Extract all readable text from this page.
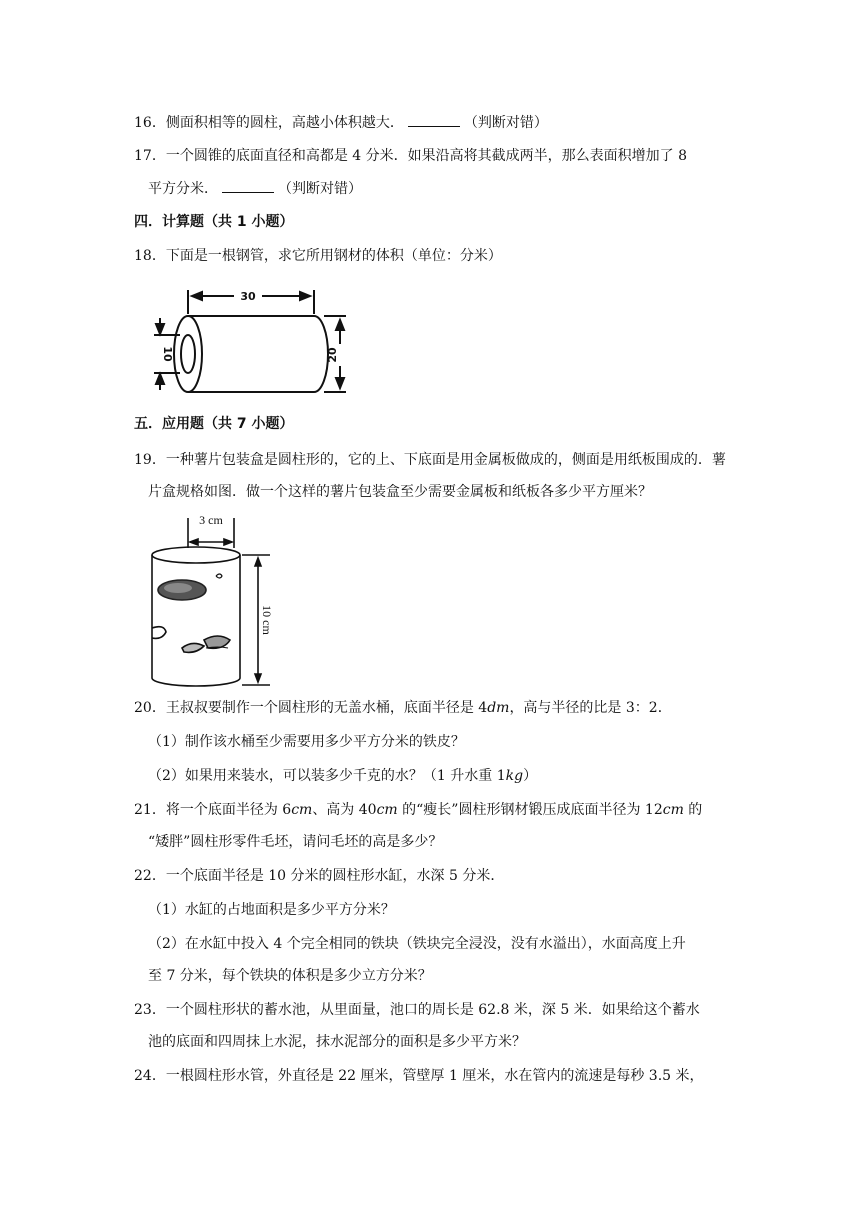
16．侧面积相等的圆柱，高越小体积越大．	（判断对错）
17．一个圆锥的底面直径和高都是 4 分米．如果沿高将其截成两半，那么表面积增加了 8
平方分米．	（判断对错）
四．计算题（共 1 小题）
18．下面是一根钢管，求它所用钢材的体积（单位：分米）
30
10	20
五．应用题（共 7 小题）
19．一种薯片包装盒是圆柱形的，它的上、下底面是用金属板做成的，侧面是用纸板围成的．薯
片盒规格如图．做一个这样的薯片包装盒至少需要金属板和纸板各多少平方厘米？
3 cm
10 cm
20．王叔叔要制作一个圆柱形的无盖水桶，底面半径是 4dm，高与半径的比是 3：2．
（1）制作该水桶至少需要用多少平方分米的铁皮？
（2）如果用来装水，可以装多少千克的水？（1 升水重 1kg）
21．将一个底面半径为 6cm、高为 40cm 的“瘦长”圆柱形钢材锻压成底面半径为 12cm 的
“矮胖”圆柱形零件毛坯，请问毛坯的高是多少？
22．一个底面半径是 10 分米的圆柱形水缸，水深 5 分米．
（1）水缸的占地面积是多少平方分米？
（2）在水缸中投入 4 个完全相同的铁块（铁块完全浸没，没有水溢出），水面高度上升
至 7 分米，每个铁块的体积是多少立方分米？
23．一个圆柱形状的蓄水池，从里面量，池口的周长是 62.8 米，深 5 米．如果给这个蓄水
池的底面和四周抹上水泥，抹水泥部分的面积是多少平方米？
24．一根圆柱形水管，外直径是 22 厘米，管壁厚 1 厘米，水在管内的流速是每秒 3.5 米，
